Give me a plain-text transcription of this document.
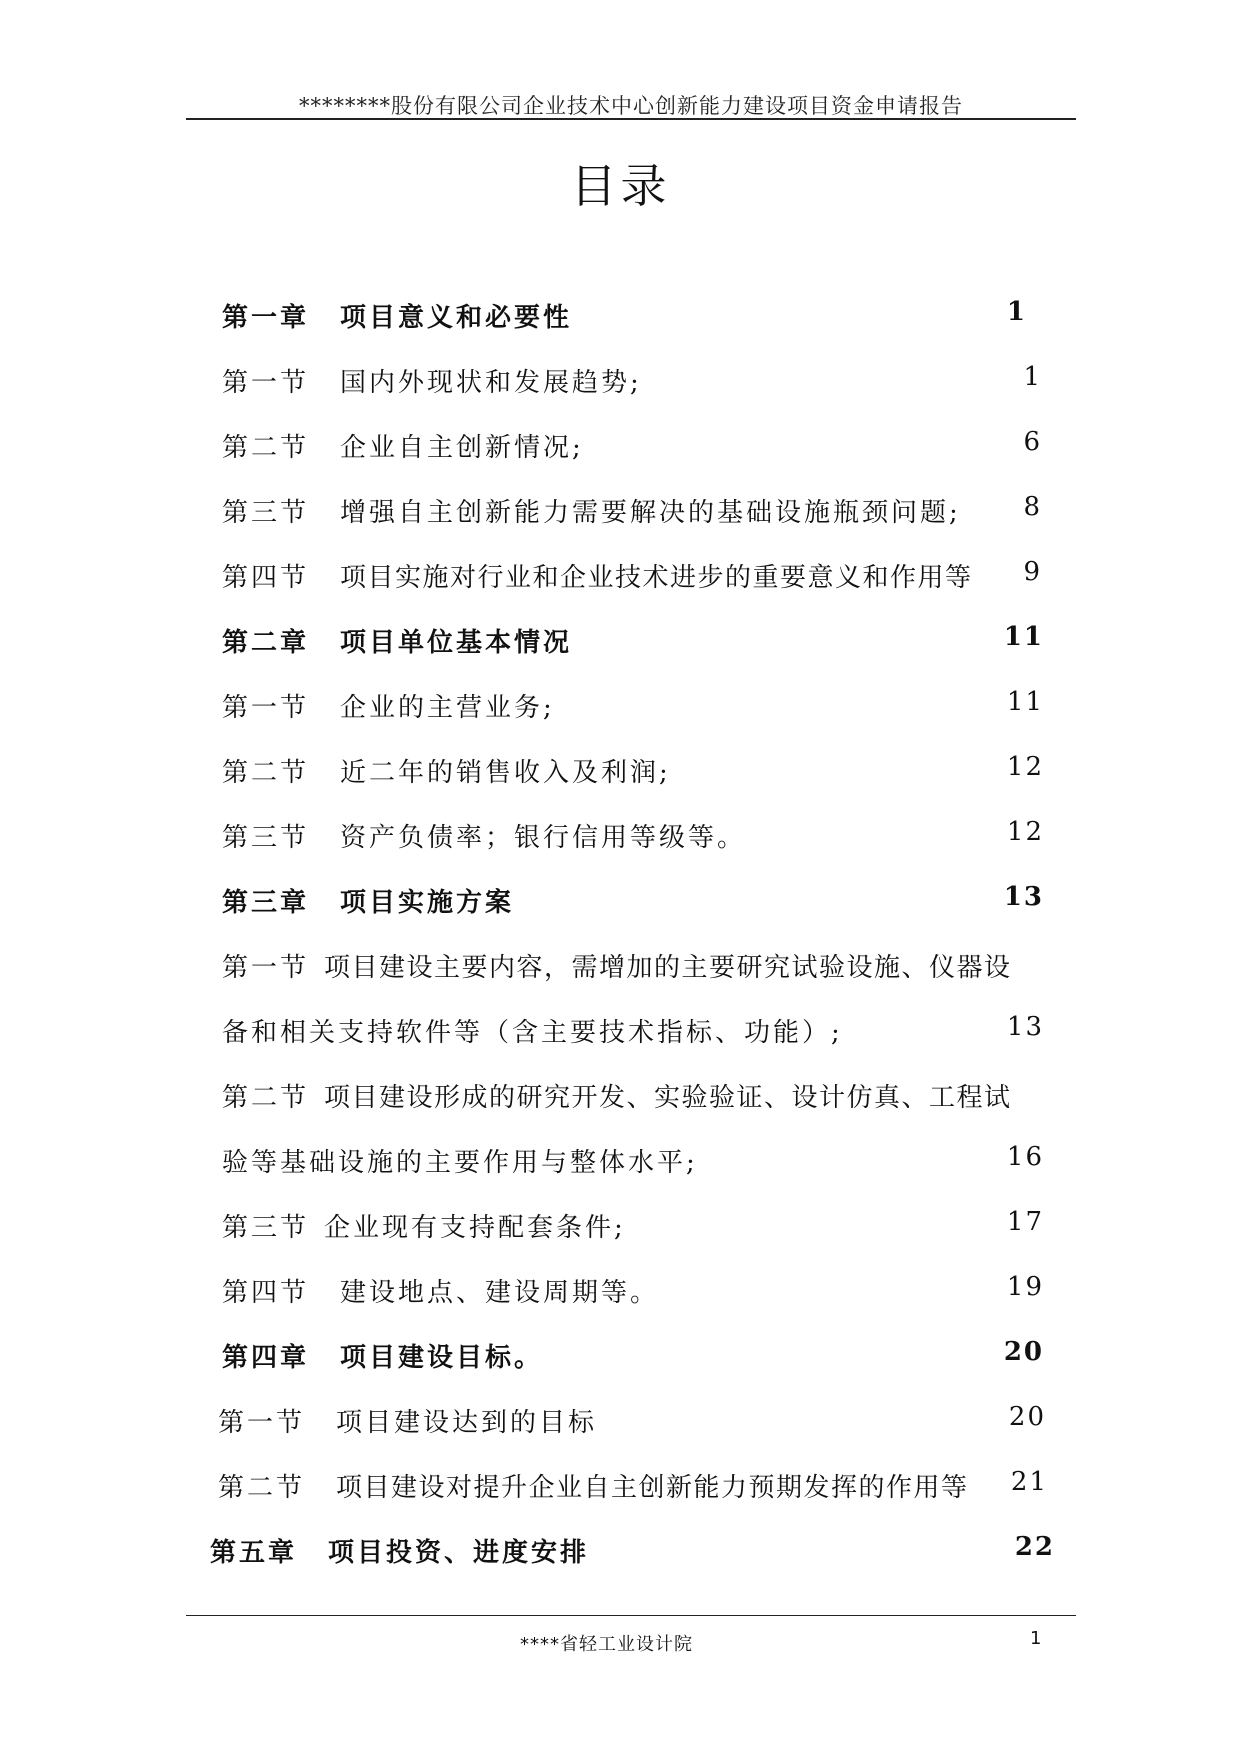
********股份有限公司企业技术中心创新能力建设项目资金申请报告
目录
第一章 项目意义和必要性	1
第一节 国内外现状和发展趋势;	1
第二节 企业自主创新情况;	6
第三节 增强自主创新能力需要解决的基础设施瓶颈问题; 8
第四节 项目实施对行业和企业技术进步的重要意义和作用等 9
第二章 项目单位基本情况	11
第一节 企业的主营业务;	11
第二节 近二年的销售收入及利润;	12
第三节 资产负债率；银行信用等级等。	12
第三章 项目实施方案	13
第一节 项目建设主要内容，需增加的主要研究试验设施、仪器设
备和相关支持软件等（含主要技术指标、功能）;	13
第二节 项目建设形成的研究开发、实验验证、设计仿真、工程试
验等基础设施的主要作用与整体水平;	16
第三节 企业现有支持配套条件;	17
第四节 建设地点、建设周期等。	19
第四章 项目建设目标。	20
第一节 项目建设达到的目标	20
第二节 项目建设对提升企业自主创新能力预期发挥的作用等 21
第五章 项目投资、进度安排	22
****省轻工业设计院	1
